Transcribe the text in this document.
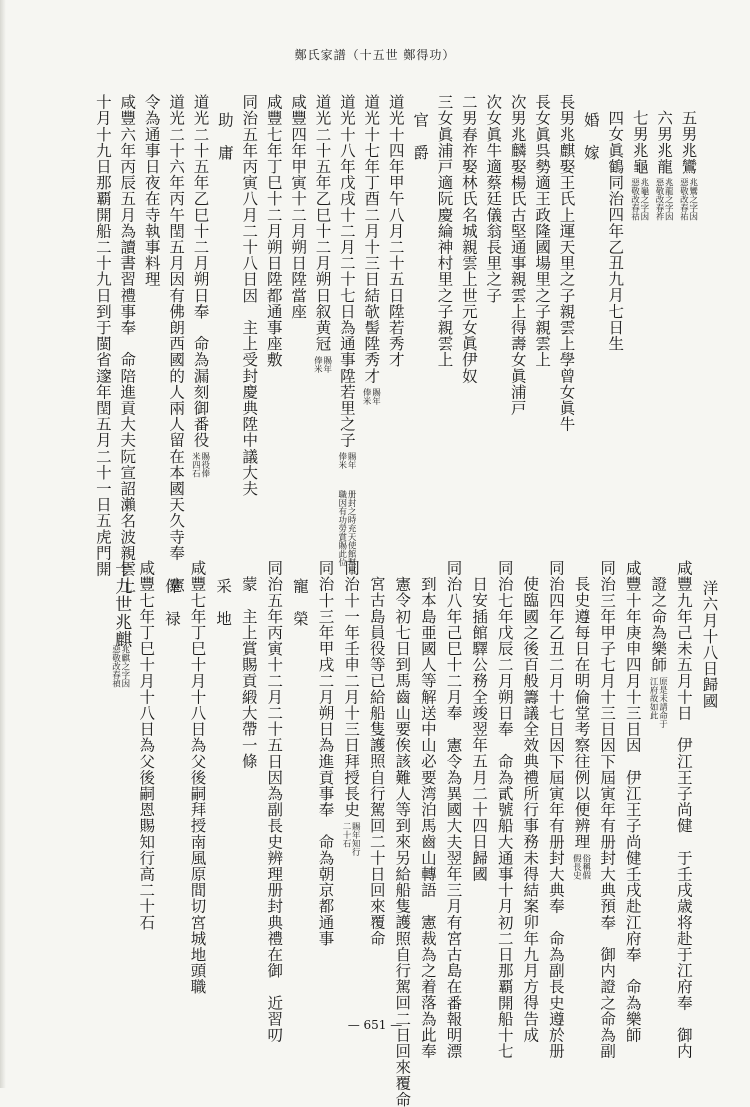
鄭氏家譜（十五世 鄭得功）
五男兆鸞
兆鸞之字因
惡敬改春祐
六男兆龍
兆龍之字因
惡敬改春祚
七男兆龜
兆龜之字因
惡敬改春祜
四女眞鶴同治四年乙丑九月七日生
婚　嫁
長男兆麒娶王氏上運天里之子親雲上學曾女眞牛
長女眞呉勢適王政隆國場里之子親雲上
次男兆麟娶楊氏古堅通事親雲上得壽女眞浦戸
次女眞牛適蔡廷儀翁長里之子
二男春祚娶林氏名城親雲上世元女眞伊奴
三女眞浦戸適阮慶綸神村里之子親雲上
官　爵
道光十四年甲午八月二十五日陞若秀才
道光十七年丁酉二月十三日結欹髻陞秀才
賜年
俸米
道光十八年戊戌十二月二十七日為通事陞若里之子
賜年
俸米
册封之時充天使館幫事
職因有功勞賞賜此位
道光二十五年乙巳十二月朔日叙黄冠
賜年
俸米
咸豐四年甲寅十二月朔日陞當座
咸豐七年丁巳十二月朔日陞都通事座敷
同治五年丙寅八月二十八日因　主上受封慶典陞中議大夫
助　庸
道光二十五年乙巳十二月朔日奉　命為漏刻御番役
賜役俸
米四石
道光二十六年丙午閏五月因有佛朗西國的人兩人留在本國天久寺奉　憲
令為通事日夜在寺執事料理
咸豐六年丙辰五月為讀書習禮事奉　命陪進貢大夫阮宣詔瀨名波親雲上
十月十九日那覇開船二十九日到于閩省𨗉年閏五月二十一日五虎門開
洋六月十八日歸國
咸豐九年己未五月十日　伊江王子尚健　于壬戌歳将赴于江府奉　御内
證之命為樂師
原是未請命于
江府故如此
咸豐十年庚申四月十三日因　伊江王子尚健壬戌赴江府奉　命為樂師
同治三年甲子七月十三日因下屆寅年有册封大典預奉　御内證之命為副
長史遵每日在明倫堂考察往例以便辨理
俗稱假
假長史
同治四年乙丑二月十七日因下屆寅年有册封大典奉　命為副長史遵於册
使臨國之後百般籌議全效典禮所行事務未得結案卯年九月方得告成
同治七年戊辰二月朔日奉　命為貳號船大通事十月初二日那覇開船十七
日安插館驛公務全竣翌年五月二十四日歸國
同治八年己巳十二月奉　憲令為異國大夫翌年三月有宮古島在番報明漂
到本島亜國人等解送中山必要湾泊馬齒山轉語　憲裁為之着落為此奉
憲令初七日到馬齒山要俟該難人等到來另給船隻護照自行駕回二日回來覆命
宮古島員役等已給船隻護照自行駕回二十日回來覆命
同治十一年壬申二月十三日拜授長史
賜年知行
二十石
同治十三年甲戌二月朔日為進貢事奉　命為朝京都通事
寵　榮
同治五年丙寅十二月二十五日因為副長史辨理册封典禮在御　近習叨
蒙　主上賞賜貢緞大帶一條
采　地
咸豐七年丁巳十月十八日為父後嗣拜授南風原間切宮城地頭職
俸　禄
咸豐七年丁巳十月十八日為父後嗣恩賜知行高二十石
十九世兆麒
兆麒之字因
惡敬改春禎
— 651 —
